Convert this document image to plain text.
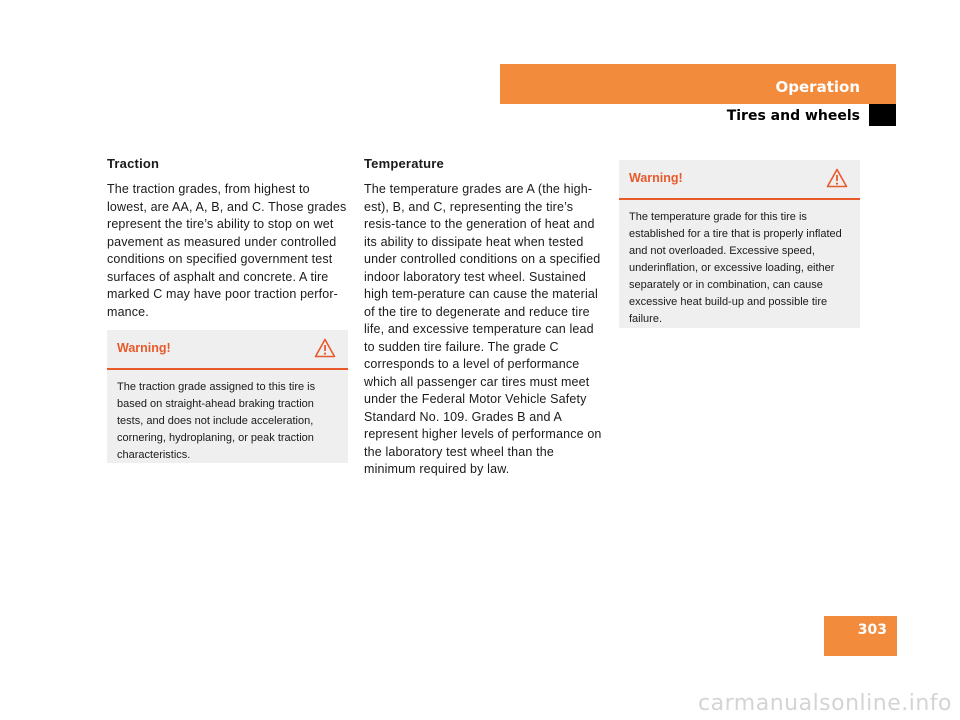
Operation
Tires and wheels

Traction

The traction grades, from highest to lowest, are AA, A, B, and C. Those grades represent the tire’s ability to stop on wet pavement as measured under controlled conditions on specified government test surfaces of asphalt and concrete. A tire marked C may have poor traction perfor-mance.

Warning!
The traction grade assigned to this tire is based on straight-ahead braking traction tests, and does not include acceleration, cornering, hydroplaning, or peak traction characteristics.

Temperature

The temperature grades are A (the high-est), B, and C, representing the tire’s resis-tance to the generation of heat and its ability to dissipate heat when tested under controlled conditions on a specified indoor laboratory test wheel. Sustained high tem-perature can cause the material of the tire to degenerate and reduce tire life, and excessive temperature can lead to sudden tire failure. The grade C corresponds to a level of performance which all passenger car tires must meet under the Federal Motor Vehicle Safety Standard No. 109. Grades B and A represent higher levels of performance on the laboratory test wheel than the minimum required by law.

Warning!
The temperature grade for this tire is established for a tire that is properly inflated and not overloaded. Excessive speed, underinflation, or excessive loading, either separately or in combination, can cause excessive heat build-up and possible tire failure.
303
carmanualsonline.info
